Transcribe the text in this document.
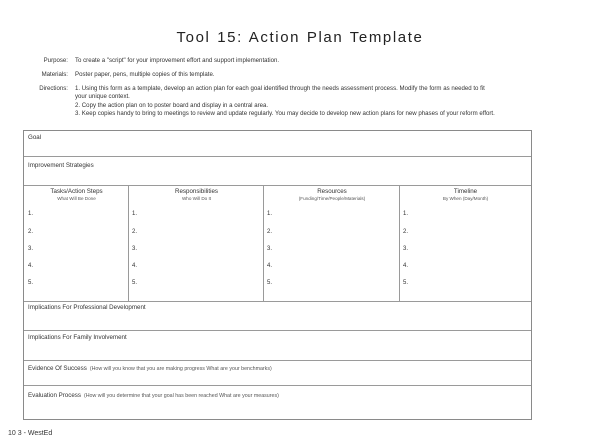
Tool 15: Action Plan Template
Purpose: To create a "script" for your improvement effort and support implementation.
Materials: Poster paper, pens, multiple copies of this template.
Directions: 1. Using this form as a template, develop an action plan for each goal identified through the needs assessment process. Modify the form as needed to fit your unique context.
2. Copy the action plan on to poster board and display in a central area.
3. Keep copies handy to bring to meetings to review and update regularly. You may decide to develop new action plans for new phases of your reform effort.
Goal
Improvement Strategies
Tasks/Action Steps
What Will Be Done
Responsibilities
Who Will Do It
Resources
(Funding/Time/People/Materials)
Timeline
By When (Day/Month)
1.
2.
3.
4.
5.
1.
2.
3.
4.
5.
1.
2.
3.
4.
5.
1.
2.
3.
4.
5.
Implications For Professional Development
Implications For Family Involvement
Evidence Of Success (How will you know that you are making progress What are your benchmarks)
Evaluation Process (How will you determine that your goal has been reached What are your measures)
10 3 - WestEd
